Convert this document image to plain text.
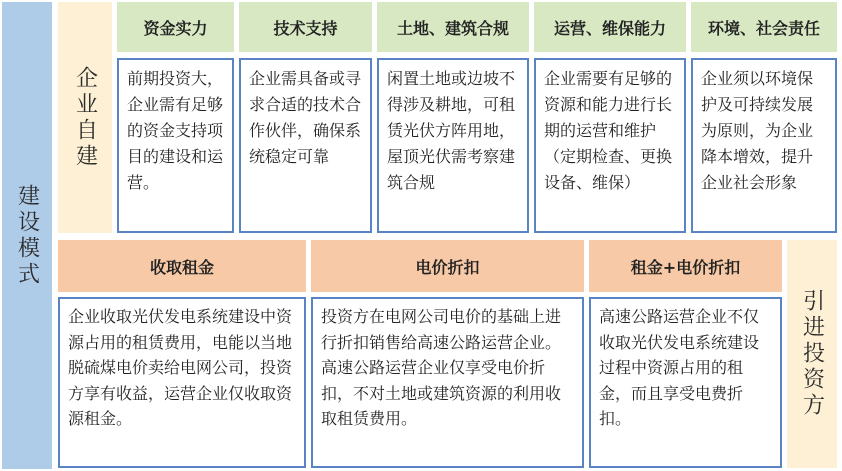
建设模式
企业自建
资金实力	技术支持	土地、建筑合规	运营、维保能力	环境、社会责任
前期投资大，企业需有足够的资金支持项目的建设和运营。
企业需具备或寻求合适的技术合作伙伴，确保系统稳定可靠
闲置土地或边坡不得涉及耕地，可租赁光伏方阵用地，屋顶光伏需考察建筑合规
企业需要有足够的资源和能力进行长期的运营和维护（定期检查、更换设备、维保）
企业须以环境保护及可持续发展为原则，为企业降本增效，提升企业社会形象
收取租金	电价折扣	租金+电价折扣
企业收取光伏发电系统建设中资源占用的租赁费用，电能以当地脱硫煤电价卖给电网公司，投资方享有收益，运营企业仅收取资源租金。
投资方在电网公司电价的基础上进行折扣销售给高速公路运营企业。高速公路运营企业仅享受电价折扣，不对土地或建筑资源的利用收取租赁费用。
高速公路运营企业不仅收取光伏发电系统建设过程中资源占用的租金，而且享受电费折扣。	引进投资方
